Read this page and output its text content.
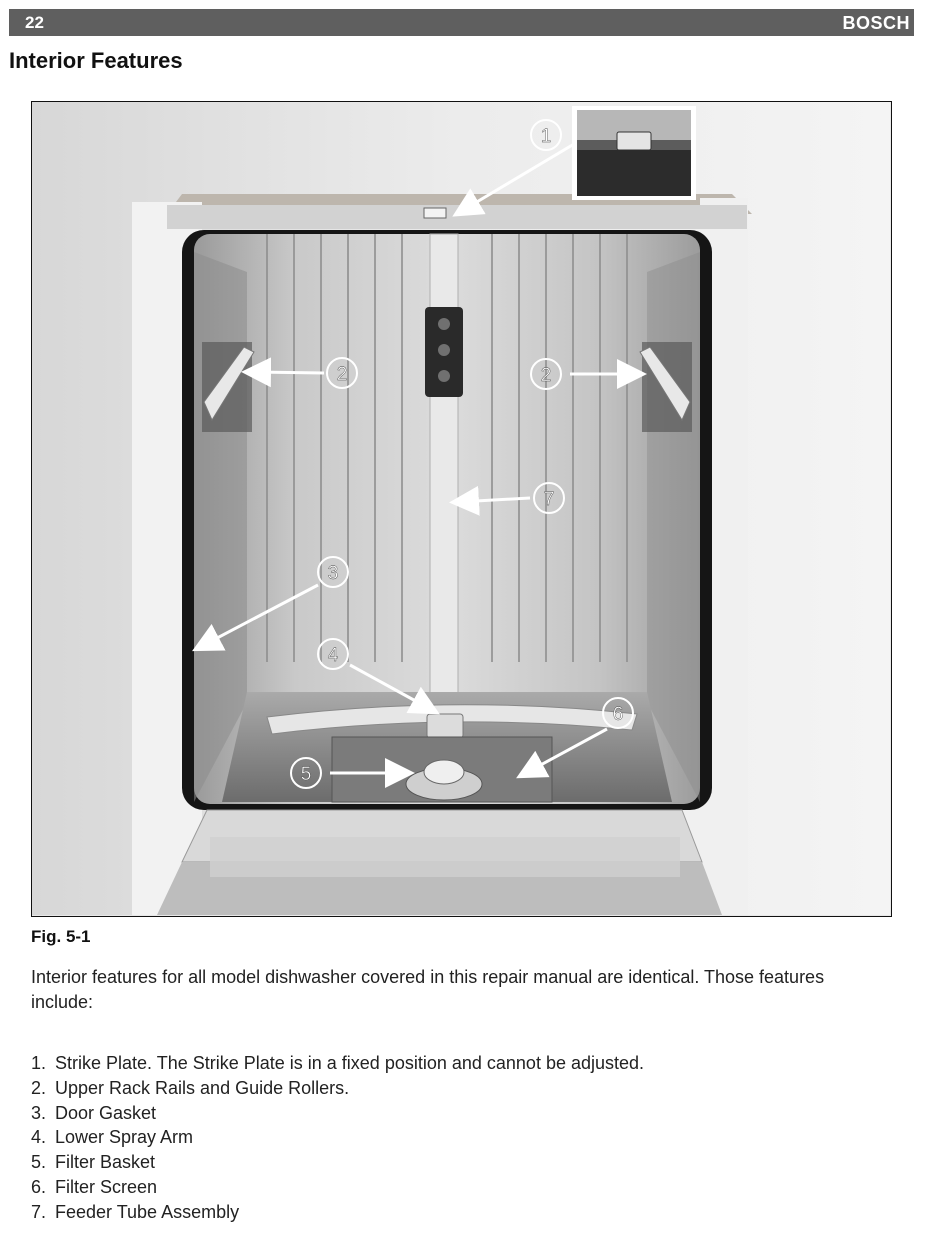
22	BOSCH
Interior Features
1
2	2
3
4
5
6
7
Fig. 5-1
Interior features for all model dishwasher covered in this repair manual are identical. Those features include:
1. Strike Plate. The Strike Plate is in a fixed position and cannot be adjusted.
2. Upper Rack Rails and Guide Rollers.
3. Door Gasket
4. Lower Spray Arm
5. Filter Basket
6. Filter Screen
7. Feeder Tube Assembly
